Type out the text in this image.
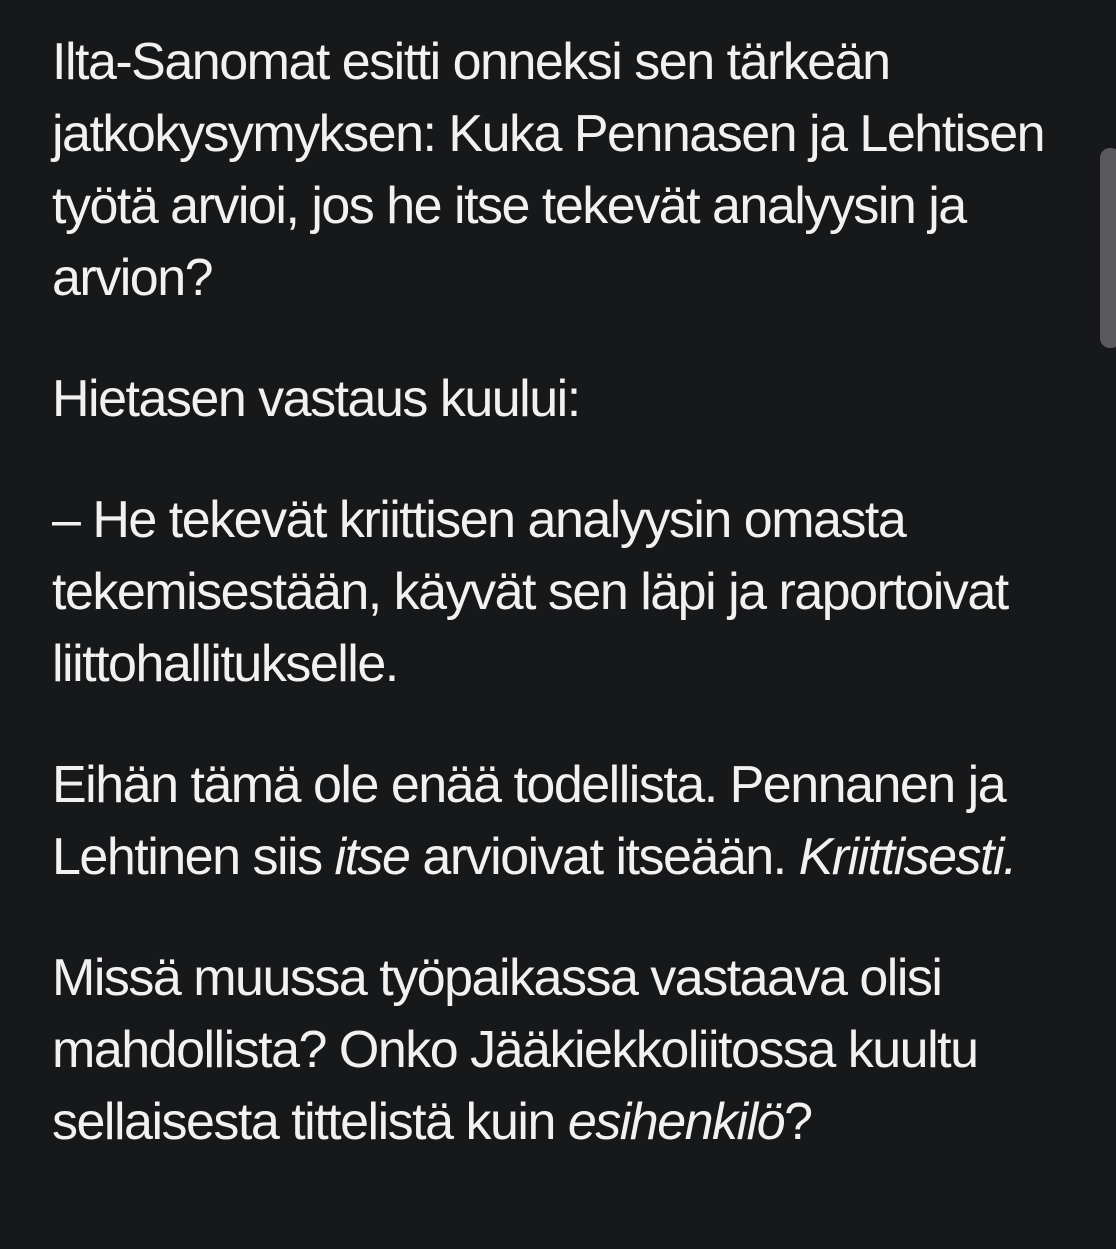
Ilta-Sanomat esitti onneksi sen tärkeän jatkokysymyksen: Kuka Pennasen ja Lehtisen työtä arvioi, jos he itse tekevät analyysin ja arvion?

Hietasen vastaus kuului:

– He tekevät kriittisen analyysin omasta tekemisestään, käyvät sen läpi ja raportoivat liittohallitukselle.

Eihän tämä ole enää todellista. Pennanen ja Lehtinen siis itse arvioivat itseään. Kriittisesti.

Missä muussa työpaikassa vastaava olisi mahdollista? Onko Jääkiekkoliitossa kuultu sellaisesta tittelistä kuin esihenkilö?
